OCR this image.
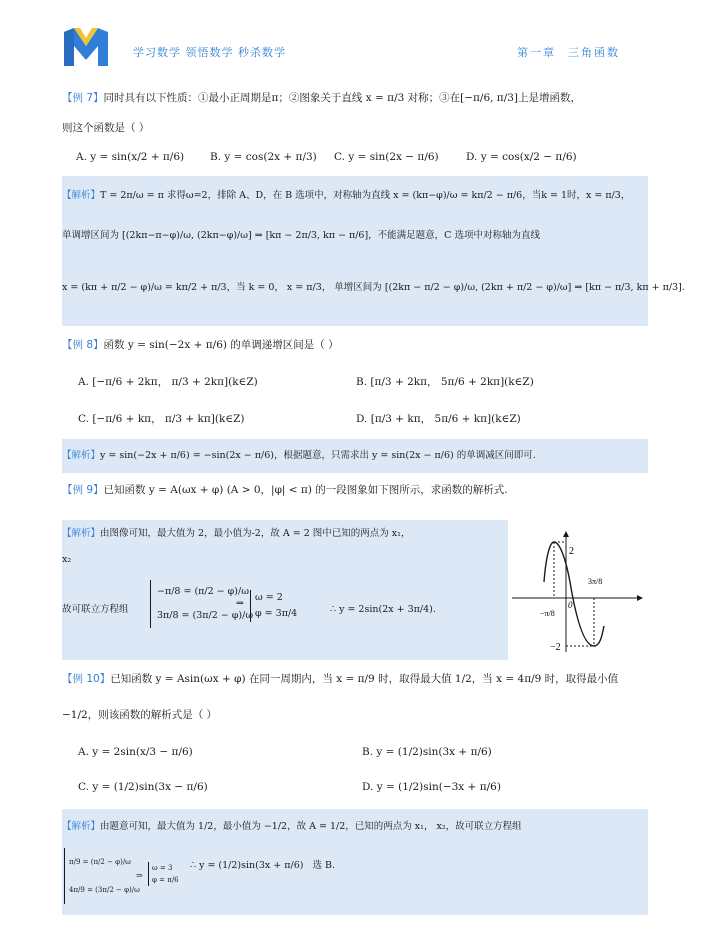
学习数学 领悟数学 秒杀数学	第一章 三角函数
【例 7】同时具有以下性质：①最小正周期是π；②图象关于直线 x = π/3 对称；③在[−π/6, π/3]上是增函数，
则这个函数是（ ）
A. y = sin(x/2 + π/6) B. y = cos(2x + π/3) C. y = sin(2x − π/6)	D. y = cos(x/2 − π/6)
【解析】T = 2π/ω = π 求得ω=2，排除 A、D，在 B 选项中，对称轴为直线 x = (kπ−φ)/ω = kπ/2 − π/6，当k = 1时，x = π/3，
单调增区间为 [(2kπ−π−φ)/ω, (2kπ−φ)/ω] ⇒ [kπ − 2π/3, kπ − π/6]，不能满足题意，C 选项中对称轴为直线
x = (kπ + π/2 − φ)/ω = kπ/2 + π/3，当 k = 0， x = π/3， 单增区间为 [(2kπ − π/2 − φ)/ω, (2kπ + π/2 − φ)/ω] ⇒ [kπ − π/3, kπ + π/3].
【例 8】函数 y = sin(−2x + π/6) 的单调递增区间是（ ）
A. [−π/6 + 2kπ， π/3 + 2kπ](k∈Z)	B. [π/3 + 2kπ， 5π/6 + 2kπ](k∈Z)
C. [−π/6 + kπ， π/3 + kπ](k∈Z)	D. [π/3 + kπ， 5π/6 + kπ](k∈Z)
【解析】y = sin(−2x + π/6) = −sin(2x − π/6)，根据题意，只需求出 y = sin(2x − π/6) 的单调减区间即可.
【例 9】已知函数 y = A(ωx + φ) (A > 0，|φ| < π) 的一段图象如下图所示，求函数的解析式.
【解析】由图像可知，最大值为 2，最小值为-2，故 A = 2 图中已知的两点为 x₁，
x₂
故可联立方程组
−π/8 = (π/2 − φ)/ω
3π/8 = (3π/2 − φ)/ω
⇒
ω = 2
φ = 3π/4	∴ y = 2sin(2x + 3π/4).
2
−2
0
−π/8
3π/8
【例 10】已知函数 y = Asin(ωx + φ) 在同一周期内，当 x = π/9 时，取得最大值 1/2，当 x = 4π/9 时，取得最小值
−1/2，则该函数的解析式是（ ）
A. y = 2sin(x/3 − π/6)	B. y = (1/2)sin(3x + π/6)
C. y = (1/2)sin(3x − π/6)	D. y = (1/2)sin(−3x + π/6)
【解析】由题意可知，最大值为 1/2，最小值为 −1/2，故 A = 1/2，已知的两点为 x₁， x₂，故可联立方程组
π/9 = (π/2 − φ)/ω
4π/9 = (3π/2 − φ)/ω
⇒
ω = 3
φ = π/6
∴ y = (1/2)sin(3x + π/6) 选 B.
